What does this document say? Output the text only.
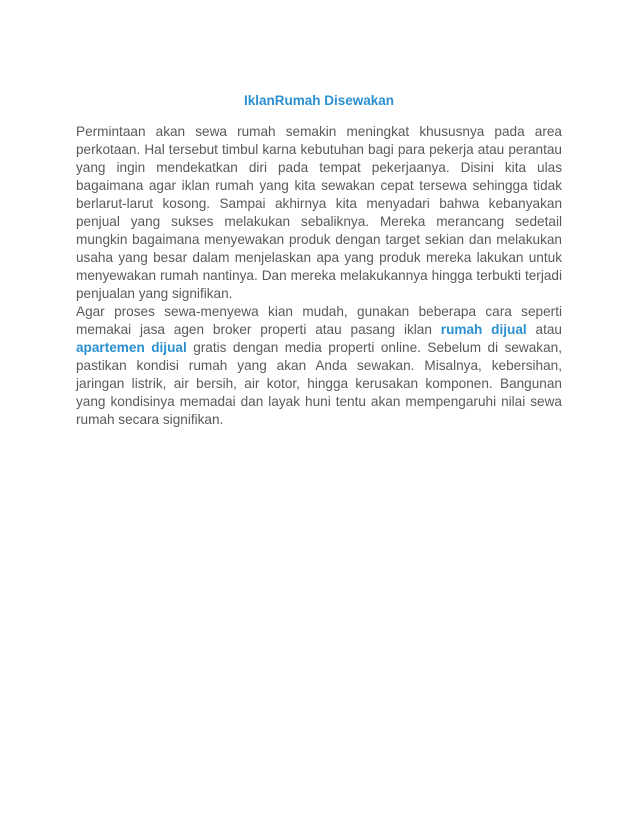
IklanRumah Disewakan

Permintaan akan sewa rumah semakin meningkat khususnya pada area perkotaan. Hal tersebut timbul karna kebutuhan bagi para pekerja atau perantau yang ingin mendekatkan diri pada tempat pekerjaanya. Disini kita ulas bagaimana agar iklan rumah yang kita sewakan cepat tersewa sehingga tidak berlarut-larut kosong. Sampai akhirnya kita menyadari bahwa kebanyakan penjual yang sukses melakukan sebaliknya. Mereka merancang sedetail mungkin bagaimana menyewakan produk dengan target sekian dan melakukan usaha yang besar dalam menjelaskan apa yang produk mereka lakukan untuk menyewakan rumah nantinya. Dan mereka melakukannya hingga terbukti terjadi penjualan yang signifikan.

Agar proses sewa-menyewa kian mudah, gunakan beberapa cara seperti memakai jasa agen broker properti atau pasang iklan rumah dijual atau apartemen dijual gratis dengan media properti online. Sebelum di sewakan, pastikan kondisi rumah yang akan Anda sewakan. Misalnya, kebersihan, jaringan listrik, air bersih, air kotor, hingga kerusakan komponen. Bangunan yang kondisinya memadai dan layak huni tentu akan mempengaruhi nilai sewa rumah secara signifikan.
